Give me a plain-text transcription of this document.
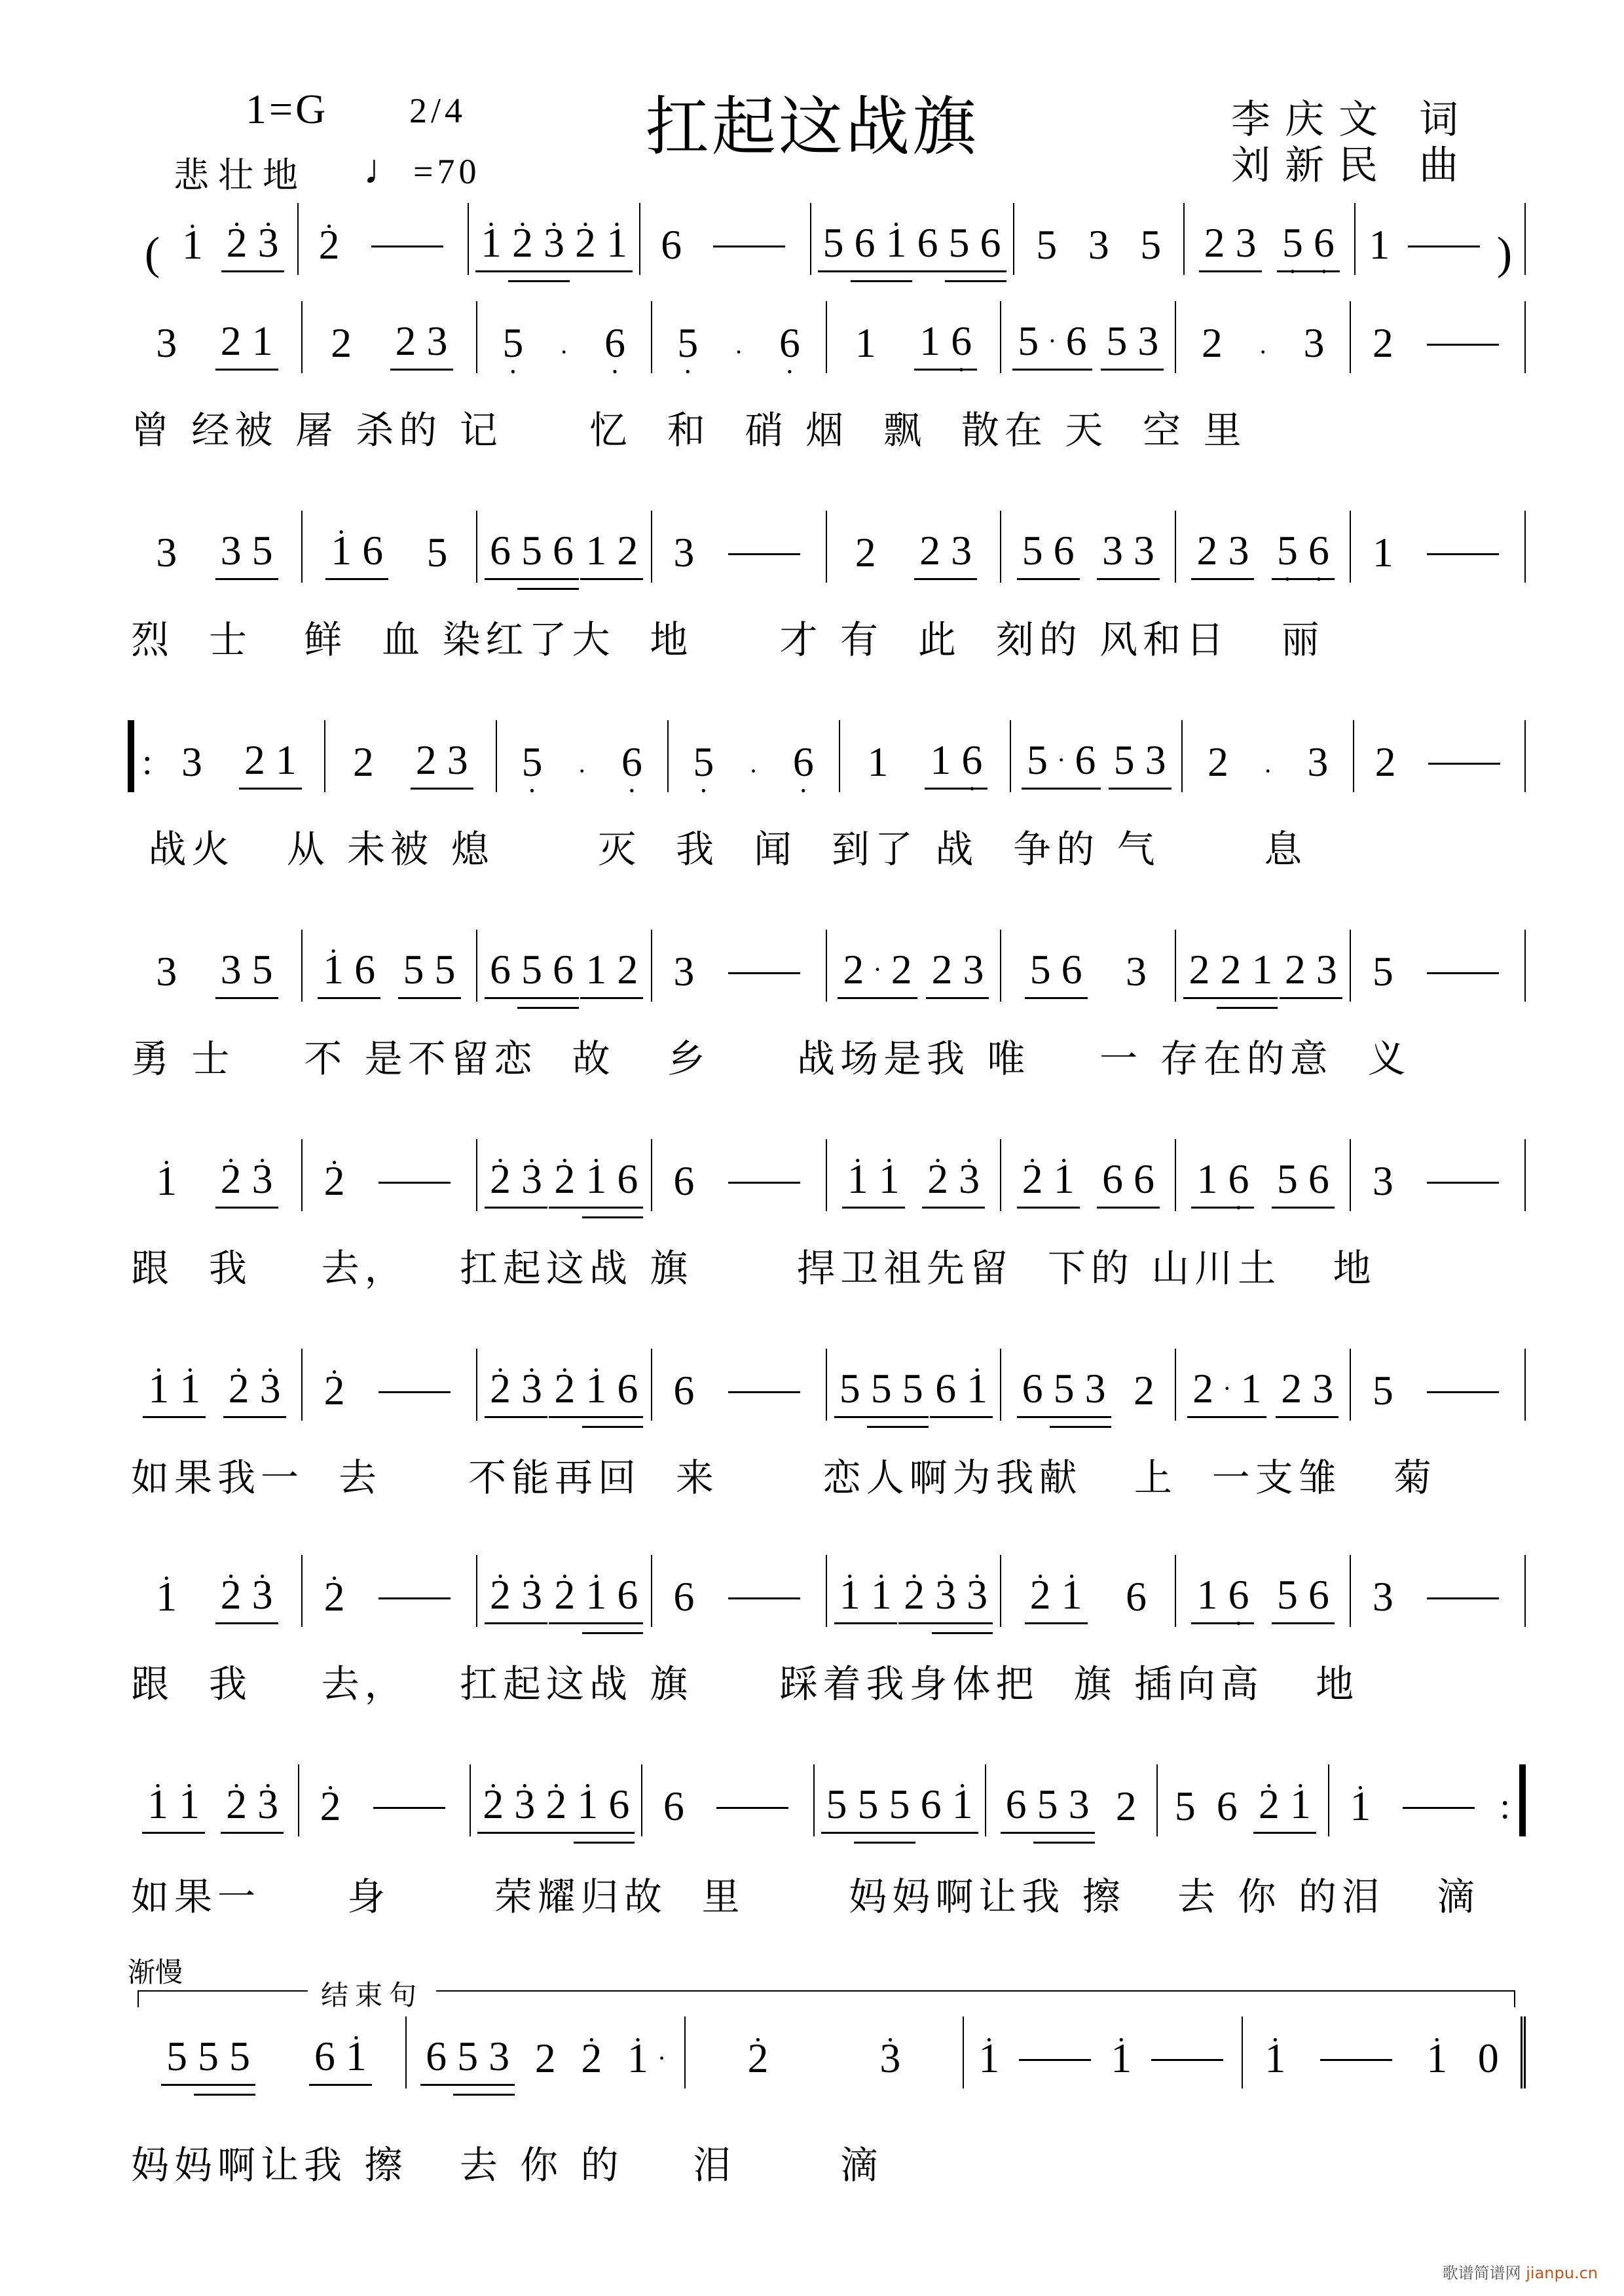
1=G 2/4	扛起这战旗	李庆文 词
刘新民 曲
悲壮地 ♩ =70
( • 1 • 2 • 3 • 2	• 1 • 2 • 3 • 2 • 1 6	5 6 • 1 6 5 6 5 3 5 2 3 5 • 6 • 1 )
3 2 1 2 2 3 5 • · 6 • 5 • · 6 • 1 1 6 • 5 · 6 5 3 2 · 3 2
曾 经被 屠 杀的 记     忆  和  硝 烟  飘  散在 天  空 里
3 3 5 • 1 6 5 6 5 6 1 2 3	2 2 3 5 6 3 3 2 3 5 • 6 • 1
烈  士   鲜  血 染红了大  地     才 有  此  刻的 风和日   丽
: 3 2 1 2 2 3 5 • · 6 • 5 • · 6 • 1 1 6 • 5 · 6 5 3 2 · 3 2
战火   从 未被 熄      灭  我  闻  到了 战  争的 气      息
3 3 5 • 1 6 5 5 6 5 6 1 2 3	2 · 2 2 3 5 6 3 2 2 1 2 3 5
勇 士    不 是不留恋  故   乡     战场是我 唯    一 存在的意  义
• 1 • 2 • 3 • 2	• 2 • 3 • 2 • 1 6 6	• 1 • 1 • 2 • 3 • 2 • 1 6 6 1 6 • 5 6 3
跟  我    去，   扛起这战 旗      捍卫祖先留  下的 山川土   地
• 1 • 1 • 2 • 3 • 2	• 2 • 3 • 2 • 1 6 6	5 5 5 6 • 1 6 5 3 2 2 · 1 2 3 5
如果我一  去     不能再回  来      恋人啊为我献   上  一支雏   菊
• 1 • 2 • 3 • 2	• 2 • 3 • 2 • 1 6 6	• 1 • 1 • 2 • 3 • 3 • 2 • 1 6 1 6 • 5 6 3
跟  我    去，   扛起这战 旗     踩着我身体把  旗 插向高   地
• 1 • 1 • 2 • 3 • 2	• 2 • 3 • 2 • 1 6 6	5 5 5 6 • 1 6 5 3 2 5 6 • 2 • 1 • 1
:
如果一     身      荣耀归故  里      妈妈啊让我 擦   去 你 的泪   滴
5 5 5 6 • 1 6 5 3 2 • 2 • 1 · • 2	• 3 • 1	• 1	• 1	• 1 0
妈妈啊让我 擦   去 你 的    泪      滴
渐慢
结束句
歌谱简谱网 jianpu.cn
